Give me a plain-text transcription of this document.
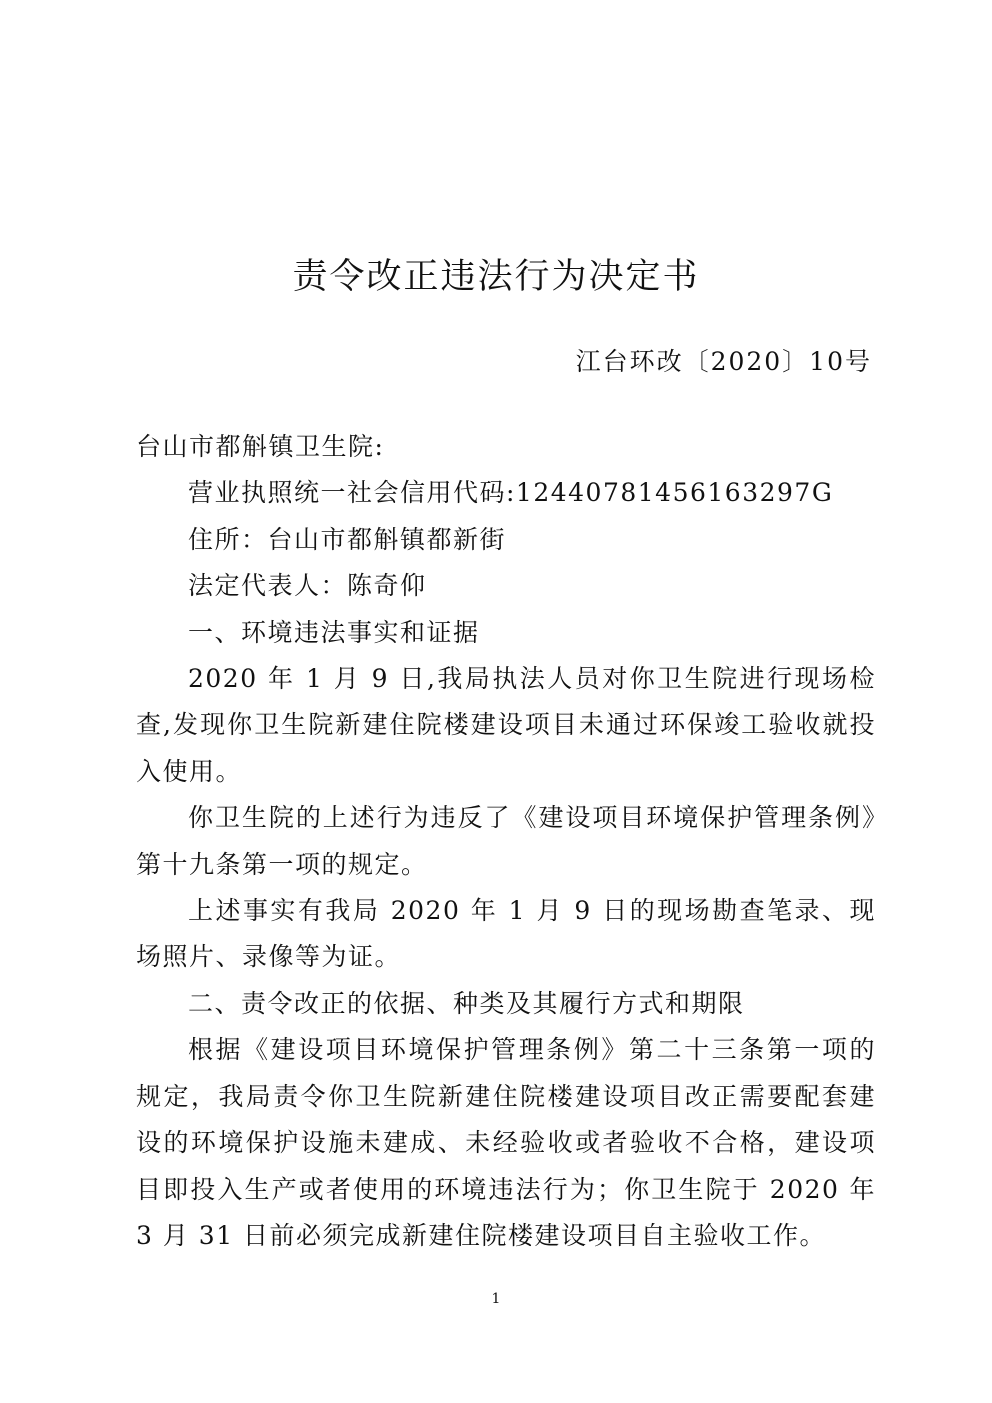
责令改正违法行为决定书
江台环改〔2020〕10号

台山市都斛镇卫生院:

营业执照统一社会信用代码:12440781456163297G

住所：台山市都斛镇都新街

法定代表人：陈奇仰

一、环境违法事实和证据

2020 年 1 月 9 日,我局执法人员对你卫生院进行现场检查,发现你卫生院新建住院楼建设项目未通过环保竣工验收就投入使用。

你卫生院的上述行为违反了《建设项目环境保护管理条例》第十九条第一项的规定。

上述事实有我局 2020 年 1 月 9 日的现场勘查笔录、现场照片、录像等为证。

二、责令改正的依据、种类及其履行方式和期限

根据《建设项目环境保护管理条例》第二十三条第一项的规定，我局责令你卫生院新建住院楼建设项目改正需要配套建设的环境保护设施未建成、未经验收或者验收不合格，建设项目即投入生产或者使用的环境违法行为；你卫生院于 2020 年 3 月 31 日前必须完成新建住院楼建设项目自主验收工作。

1
